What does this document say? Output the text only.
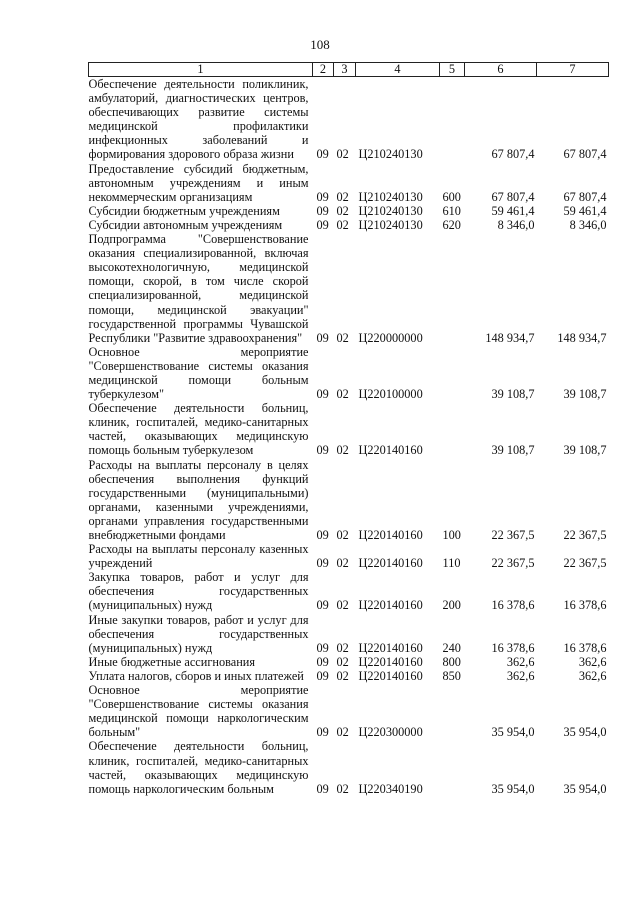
108
1	2	3	4	5	6	7
Обеспечение деятельности поликлиник, амбулаторий, диагностических центров, обеспечивающих развитие системы медицинской профилактики инфекционных заболеваний и формирования здорового образа жизни	09	02	Ц210240130		67 807,4	67 807,4
Предоставление субсидий бюджетным, автономным учреждениям и иным некоммерческим организациям	09	02	Ц210240130	600	67 807,4	67 807,4
Субсидии бюджетным учреждениям	09	02	Ц210240130	610	59 461,4	59 461,4
Субсидии автономным учреждениям	09	02	Ц210240130	620	8 346,0	8 346,0
Подпрограмма "Совершенствование оказания специализированной, включая высокотехнологичную, медицинской помощи, скорой, в том числе скорой специализированной, медицинской помощи, медицинской эвакуации" государственной программы Чувашской Республики "Развитие здравоохранения"	09	02	Ц220000000		148 934,7	148 934,7
Основное мероприятие "Совершенствование системы оказания медицинской помощи больным туберкулезом"	09	02	Ц220100000		39 108,7	39 108,7
Обеспечение деятельности больниц, клиник, госпиталей, медико-санитарных частей, оказывающих медицинскую помощь больным туберкулезом	09	02	Ц220140160		39 108,7	39 108,7
Расходы на выплаты персоналу в целях обеспечения выполнения функций государственными (муниципальными) органами, казенными учреждениями, органами управления государственными внебюджетными фондами	09	02	Ц220140160	100	22 367,5	22 367,5
Расходы на выплаты персоналу казенных учреждений	09	02	Ц220140160	110	22 367,5	22 367,5
Закупка товаров, работ и услуг для обеспечения государственных (муниципальных) нужд	09	02	Ц220140160	200	16 378,6	16 378,6
Иные закупки товаров, работ и услуг для обеспечения государственных (муниципальных) нужд	09	02	Ц220140160	240	16 378,6	16 378,6
Иные бюджетные ассигнования	09	02	Ц220140160	800	362,6	362,6
Уплата налогов, сборов и иных платежей	09	02	Ц220140160	850	362,6	362,6
Основное мероприятие "Совершенствование системы оказания медицинской помощи наркологическим больным"	09	02	Ц220300000		35 954,0	35 954,0
Обеспечение деятельности больниц, клиник, госпиталей, медико-санитарных частей, оказывающих медицинскую помощь наркологическим больным	09	02	Ц220340190		35 954,0	35 954,0
